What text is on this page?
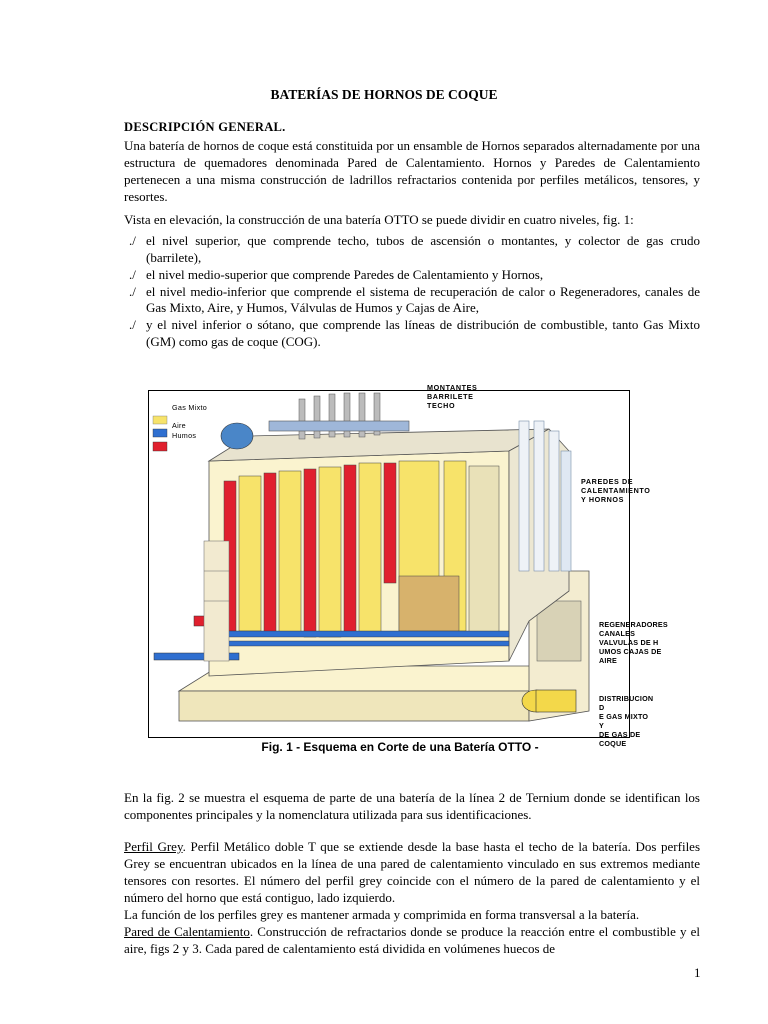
BATERÍAS DE HORNOS DE COQUE
DESCRIPCIÓN GENERAL.
Una batería de hornos de coque está constituida por un ensamble de Hornos separados alternadamente por una estructura de quemadores denominada Pared de Calentamiento. Hornos y Paredes de Calentamiento pertenecen a una misma construcción de ladrillos refractarios contenida por perfiles metálicos, tensores, y resortes.
Vista en elevación, la construcción de una batería OTTO se puede dividir en cuatro niveles, fig. 1:
./ el nivel superior, que comprende techo, tubos de ascensión o montantes, y colector de gas crudo (barrilete),
./ el nivel medio-superior que comprende Paredes de Calentamiento y Hornos,
./ el nivel medio-inferior que comprende el sistema de recuperación de calor o Regeneradores, canales de Gas Mixto, Aire, y Humos, Válvulas de Humos y Cajas de Aire,
./ y el nivel inferior o sótano, que comprende las líneas de distribución de combustible, tanto Gas Mixto (GM) como gas de coque (COG).
Gas Mixto
Aire
Humos
MONTANTES
BARRILETE
TECHO
PAREDES DE
CALENTAMIENTO
Y HORNOS
REGENERADORES
CANALES
VALVULAS DE H
UMOS CAJAS DE
AIRE
DISTRIBUCION D
E GAS MIXTO Y
DE GAS DE COQUE
Fig. 1 - Esquema en Corte de una Batería OTTO -
En la fig. 2 se muestra el esquema de parte de una batería de la línea 2 de Ternium donde se identifican los componentes principales y la nomenclatura utilizada para sus identificaciones.
Perfil Grey. Perfil Metálico doble T que se extiende desde la base hasta el techo de la batería. Dos perfiles Grey se encuentran ubicados en la línea de una pared de calentamiento vinculado en sus extremos mediante tensores con resortes. El número del perfil grey coincide con el número de la pared de calentamiento y el número del horno que está contiguo, lado izquierdo.
La función de los perfiles grey es mantener armada y comprimida en forma transversal a la batería.
Pared de Calentamiento. Construcción de refractarios donde se produce la reacción entre el combustible y el aire, figs 2 y 3. Cada pared de calentamiento está dividida en volúmenes huecos de
1
